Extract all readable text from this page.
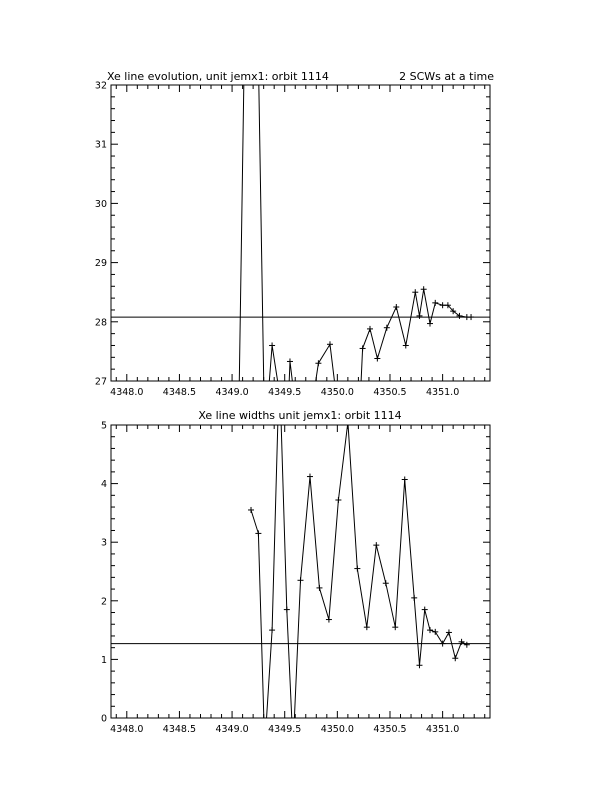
Xe line evolution, unit jemx1: orbit 1114	2 SCWs at a time
4348.0 4348.5 4349.0 4349.5 4350.0 4350.5 4351.0
27
28
29
30
31
32
Xe line widths unit jemx1: orbit 1114
4348.0 4348.5 4349.0 4349.5 4350.0 4350.5 4351.0
0
1
2
3
4
5
